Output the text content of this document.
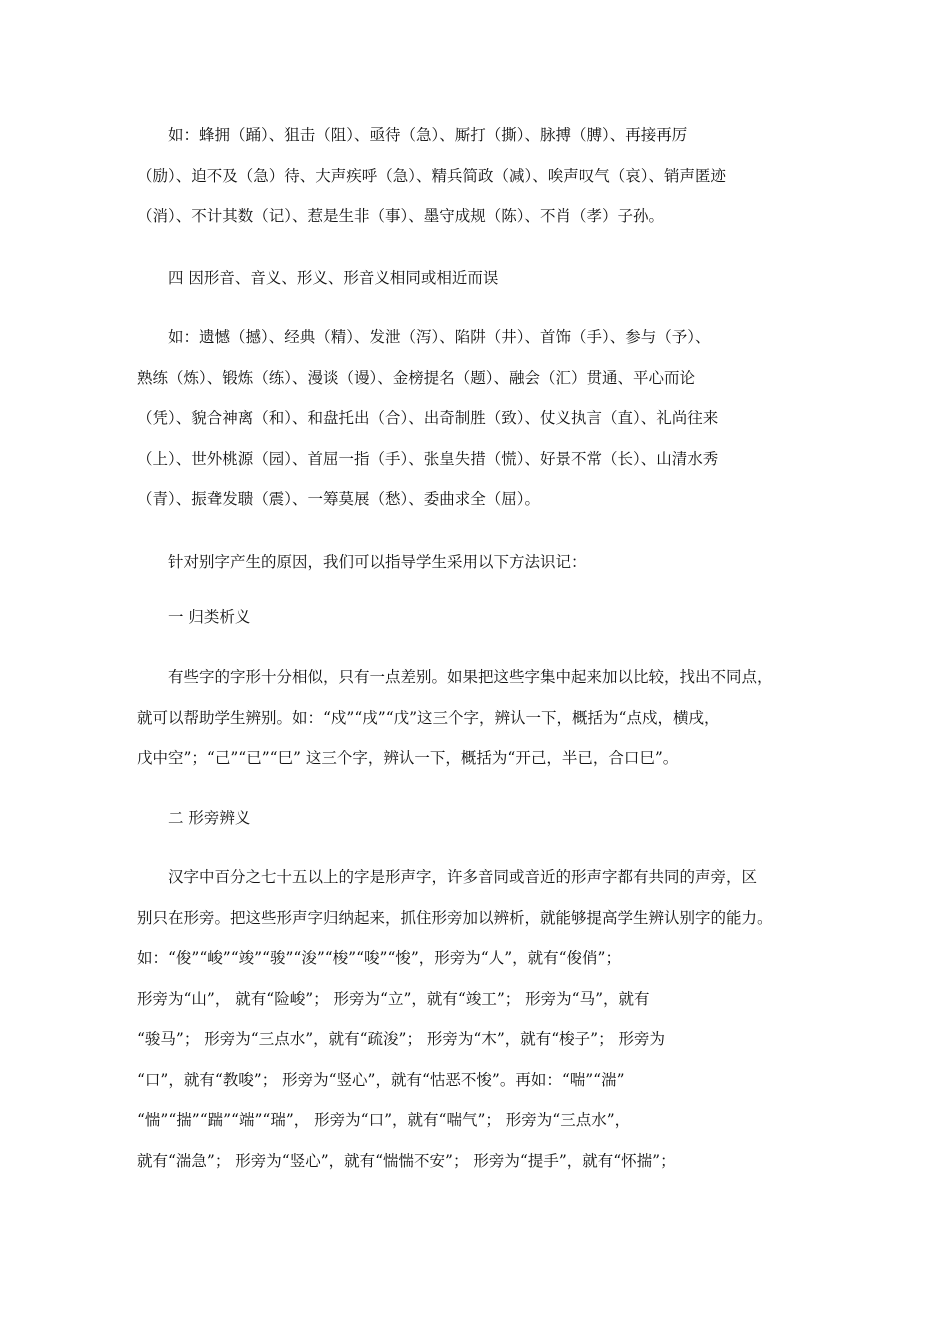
如：蜂拥（踊）、狙击（阻）、亟待（急）、厮打（撕）、脉搏（膊）、再接再厉
（励）、迫不及（急）待、大声疾呼（急）、精兵简政（减）、唉声叹气（哀）、销声匿迹
（消）、不计其数（记）、惹是生非（事）、墨守成规（陈）、不肖（孝）子孙。

四 因形音、音义、形义、形音义相同或相近而误

如：遗憾（撼）、经典（精）、发泄（泻）、陷阱（井）、首饰（手）、参与（予）、
熟练（炼）、锻炼（练）、漫谈（谩）、金榜提名（题）、融会（汇）贯通、平心而论
（凭）、貌合神离（和）、和盘托出（合）、出奇制胜（致）、仗义执言（直）、礼尚往来
（上）、世外桃源（园）、首屈一指（手）、张皇失措（慌）、好景不常（长）、山清水秀
（青）、振聋发聩（震）、一筹莫展（愁）、委曲求全（屈）。

针对别字产生的原因，我们可以指导学生采用以下方法识记：

一 归类析义

有些字的字形十分相似，只有一点差别。如果把这些字集中起来加以比较，找出不同点，
就可以帮助学生辨别。如：“戍”“戌”“戊”这三个字，辨认一下，概括为“点戍，横戌，
戊中空”；“己”“已”“巳” 这三个字，辨认一下，概括为“开己，半已，合口巳”。

二 形旁辨义

汉字中百分之七十五以上的字是形声字，许多音同或音近的形声字都有共同的声旁，区
别只在形旁。把这些形声字归纳起来，抓住形旁加以辨析，就能够提高学生辨认别字的能力。
如：“俊”“峻”“竣”“骏”“浚”“梭”“唆”“悛”，形旁为“人”，就有“俊俏”；
形旁为“山”， 就有“险峻”； 形旁为“立”，就有“竣工”； 形旁为“马”，就有
“骏马”； 形旁为“三点水”，就有“疏浚”； 形旁为“木”，就有“梭子”； 形旁为
“口”，就有“教唆”； 形旁为“竖心”，就有“怙恶不悛”。再如：“喘”“湍”
“惴”“揣”“踹”“端”“瑞”， 形旁为“口”，就有“喘气”； 形旁为“三点水”，
就有“湍急”； 形旁为“竖心”，就有“惴惴不安”； 形旁为“提手”，就有“怀揣”；
